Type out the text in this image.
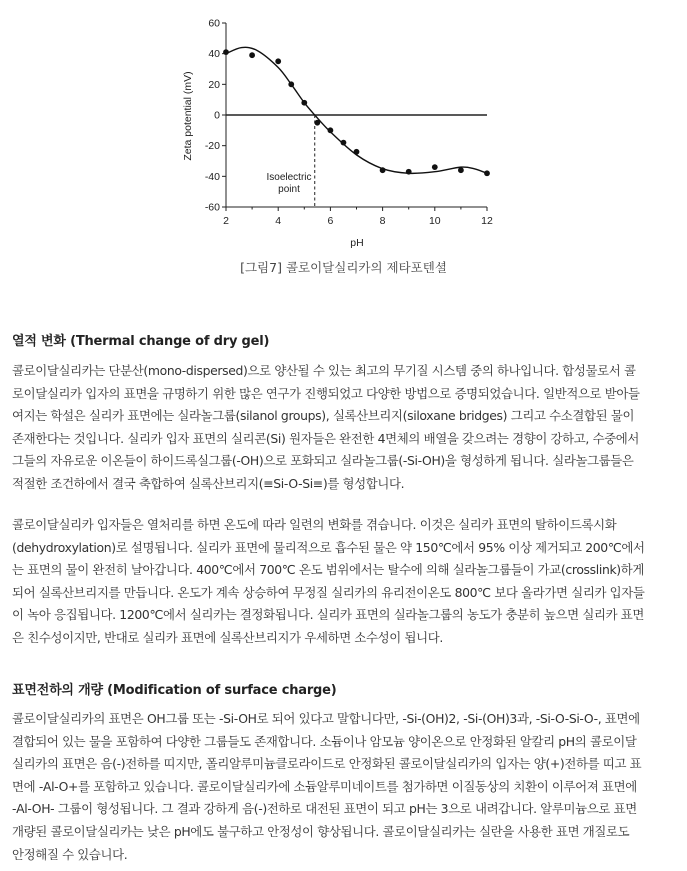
60
40
20
0
-20
-40
-60
2	4	6	8	10	12
Zeta potential (mV)
pH
Isoelectric
point
[그림7] 콜로이달실리카의 제타포텐셜
열적 변화 (Thermal change of dry gel)

콜로이달실리카는 단분산(mono-dispersed)으로 양산될 수 있는 최고의 무기질 시스템 중의 하나입니다. 합성물로서 콜
로이달실리카 입자의 표면을 규명하기 위한 많은 연구가 진행되었고 다양한 방법으로 증명되었습니다. 일반적으로 받아들
여지는 학설은 실리카 표면에는 실라놀그룹(silanol groups), 실록산브리지(siloxane bridges) 그리고 수소결합된 물이
존재한다는 것입니다. 실리카 입자 표면의 실리콘(Si) 원자들은 완전한 4면체의 배열을 갖으려는 경향이 강하고, 수중에서
그들의 자유로운 이온들이 하이드록실그룹(-OH)으로 포화되고 실라놀그룹(-Si-OH)을 형성하게 됩니다. 실라놀그룹들은
적절한 조건하에서 결국 축합하여 실록산브리지(≡Si-O-Si≡)를 형성합니다.

콜로이달실리카 입자들은 열처리를 하면 온도에 따라 일련의 변화를 겪습니다. 이것은 실리카 표면의 탈하이드록시화
(dehydroxylation)로 설명됩니다. 실리카 표면에 물리적으로 흡수된 물은 약 150℃에서 95% 이상 제거되고 200℃에서
는 표면의 물이 완전히 날아갑니다. 400℃에서 700℃ 온도 범위에서는 탈수에 의해 실라놀그룹들이 가교(crosslink)하게
되어 실록산브리지를 만듭니다. 온도가 계속 상승하여 무정질 실리카의 유리전이온도 800℃ 보다 올라가면 실리카 입자들
이 녹아 응집됩니다. 1200℃에서 실리카는 결정화됩니다. 실리카 표면의 실라놀그룹의 농도가 충분히 높으면 실리카 표면
은 친수성이지만, 반대로 실리카 표면에 실록산브리지가 우세하면 소수성이 됩니다.

표면전하의 개량 (Modification of surface charge)

콜로이달실리카의 표면은 OH그룹 또는 -Si-OH로 되어 있다고 말합니다만, -Si-(OH)2, -Si-(OH)3과, -Si-O-Si-O-, 표면에
결합되어 있는 물을 포함하여 다양한 그룹들도 존재합니다. 소듐이나 암모늄 양이온으로 안정화된 알칼리 pH의 콜로이달
실리카의 표면은 음(-)전하를 띠지만, 폴리알루미늄클로라이드로 안정화된 콜로이달실리카의 입자는 양(+)전하를 띠고 표
면에 -Al-O+를 포함하고 있습니다. 콜로이달실리카에 소듐알루미네이트를 첨가하면 이질동상의 치환이 이루어져 표면에
-Al-OH- 그룹이 형성됩니다. 그 결과 강하게 음(-)전하로 대전된 표면이 되고 pH는 3으로 내려갑니다. 알루미늄으로 표면
개량된 콜로이달실리카는 낮은 pH에도 불구하고 안정성이 향상됩니다. 콜로이달실리카는 실란을 사용한 표면 개질로도
안정해질 수 있습니다.
